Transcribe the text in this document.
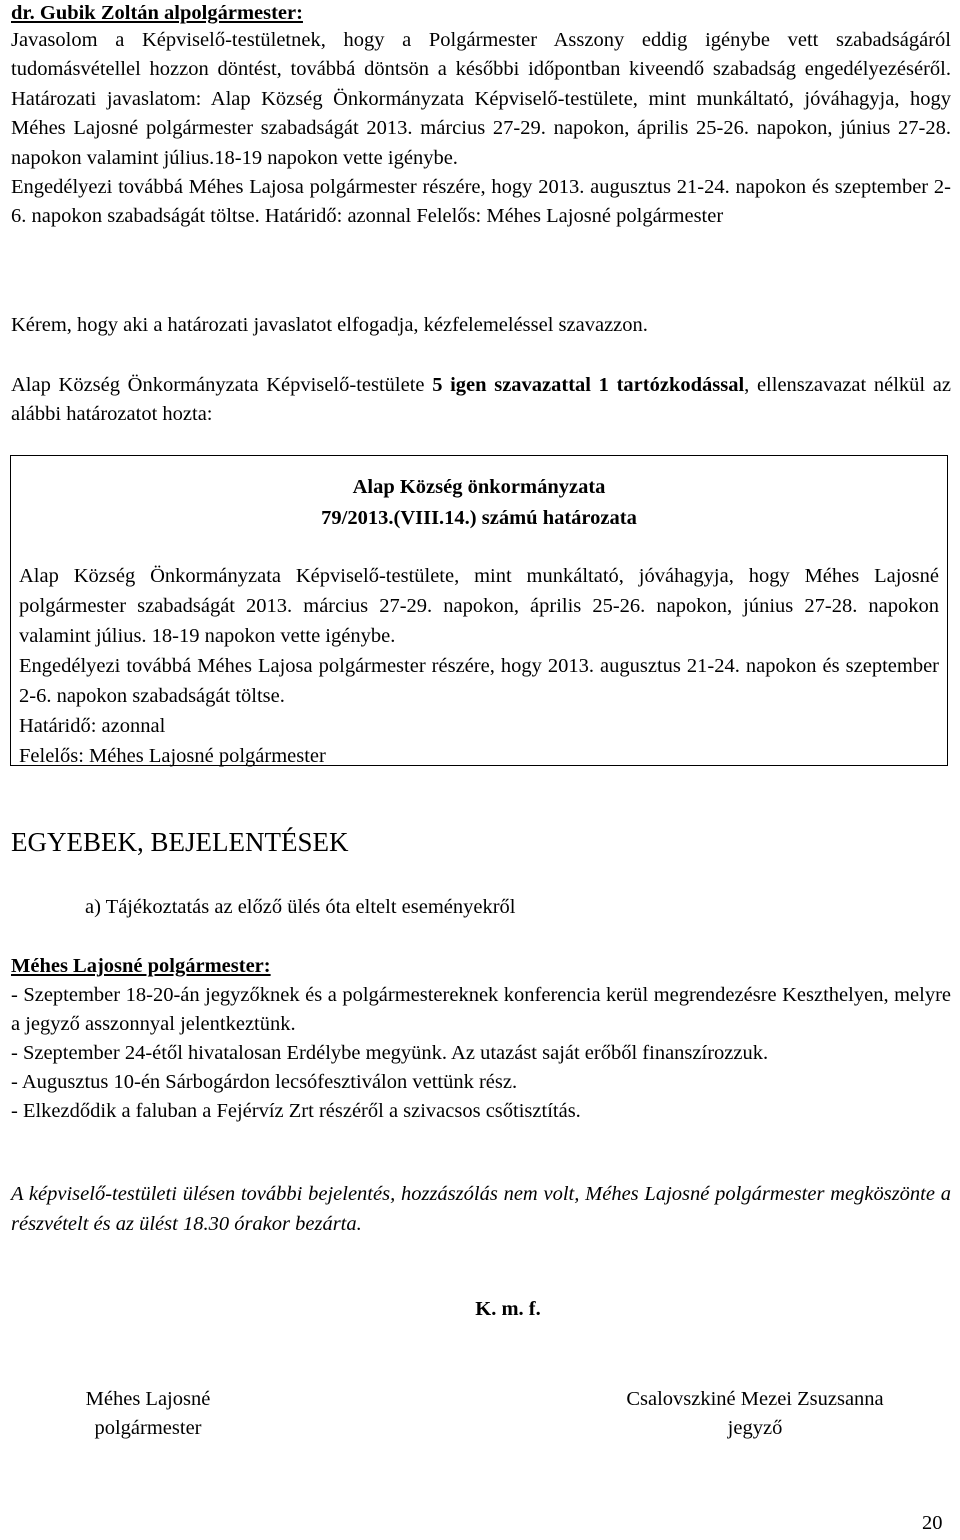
dr. Gubik Zoltán alpolgármester:

Javasolom a Képviselő-testületnek, hogy a Polgármester Asszony eddig igénybe vett szabadságáról tudomásvétellel hozzon döntést, továbbá döntsön a későbbi időpontban kiveendő szabadság engedélyezéséről. Határozati javaslatom: Alap Község Önkormányzata Képviselő-testülete, mint munkáltató, jóváhagyja, hogy Méhes Lajosné polgármester szabadságát 2013. március 27-29. napokon, április 25-26. napokon, június 27-28. napokon valamint július.18-19 napokon vette igénybe.

Engedélyezi továbbá Méhes Lajosa polgármester részére, hogy 2013. augusztus 21-24. napokon és szeptember 2-6. napokon szabadságát töltse. Határidő: azonnal Felelős: Méhes Lajosné polgármester

Kérem, hogy aki a határozati javaslatot elfogadja, kézfelemeléssel szavazzon.

Alap Község Önkormányzata Képviselő-testülete 5 igen szavazattal 1 tartózkodással, ellenszavazat nélkül az alábbi határozatot hozta:

Alap Község önkormányzata

79/2013.(VIII.14.) számú határozata

Alap Község Önkormányzata Képviselő-testülete, mint munkáltató, jóváhagyja, hogy Méhes Lajosné polgármester szabadságát 2013. március 27-29. napokon, április 25-26. napokon, június 27-28. napokon valamint július. 18-19 napokon vette igénybe.

Engedélyezi továbbá Méhes Lajosa polgármester részére, hogy 2013. augusztus 21-24. napokon és szeptember 2-6. napokon szabadságát töltse.

Határidő: azonnal

Felelős: Méhes Lajosné polgármester

EGYEBEK, BEJELENTÉSEK

a) Tájékoztatás az előző ülés óta eltelt eseményekről

Méhes Lajosné polgármester:

- Szeptember 18-20-án jegyzőknek és a polgármestereknek konferencia kerül megrendezésre Keszthelyen, melyre a jegyző asszonnyal jelentkeztünk.

- Szeptember 24-étől hivatalosan Erdélybe megyünk. Az utazást saját erőből finanszírozzuk.

- Augusztus 10-én Sárbogárdon lecsófesztiválon vettünk rész.

- Elkezdődik a faluban a Fejérvíz Zrt részéről a szivacsos csőtisztítás.

A képviselő-testületi ülésen további bejelentés, hozzászólás nem volt, Méhes Lajosné polgármester megköszönte a részvételt és az ülést 18.30 órakor bezárta.

K. m. f.

Méhes Lajosné

polgármester

Csalovszkiné Mezei Zsuzsanna

jegyző

20
